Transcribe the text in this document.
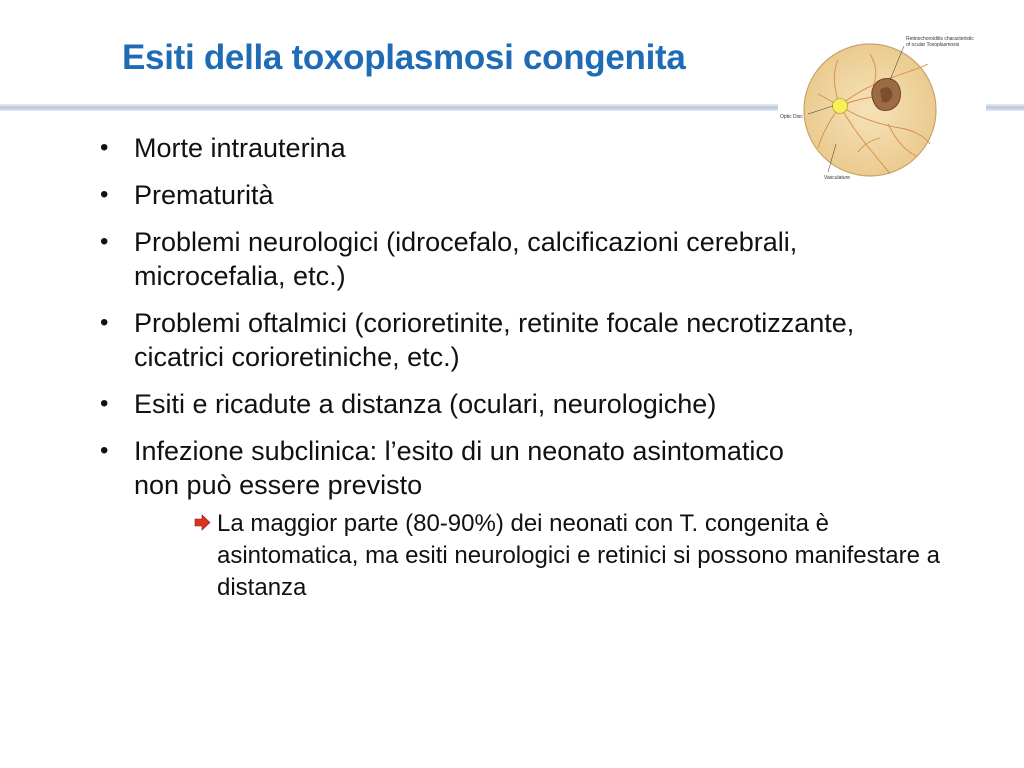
Esiti della toxoplasmosi congenita	Retinochoroiditis characteristic
of ocular Toxoplasmosis
Optic Disc
Vasculature
• Morte intrauterina
• Prematurità
• Problemi neurologici (idrocefalo, calcificazioni cerebrali, microcefalia, etc.)
• Problemi oftalmici (corioretinite, retinite focale necrotizzante, cicatrici corioretiniche, etc.)
• Esiti e ricadute a distanza (oculari, neurologiche)
• Infezione subclinica: l’esito di un neonato asintomatico non può essere previsto
La maggior parte (80-90%) dei neonati con T. congenita è asintomatica, ma esiti neurologici e retinici si possono manifestare a distanza
